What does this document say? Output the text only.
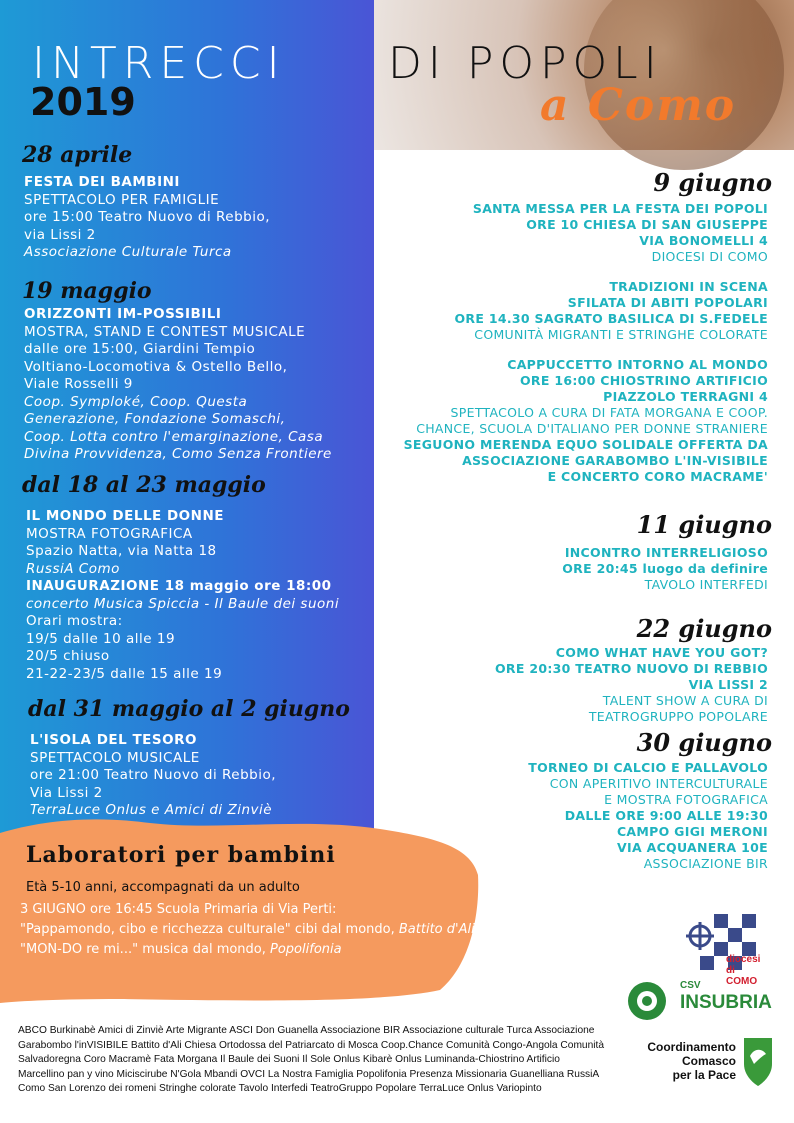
INTRECCI DI POPOLI
2019	a Como
28 aprile
FESTA DEI BAMBINI
SPETTACOLO PER FAMIGLIE
ore 15:00 Teatro Nuovo di Rebbio,
via Lissi 2
Associazione Culturale Turca
19 maggio
ORIZZONTI IM-POSSIBILI
MOSTRA, STAND E CONTEST MUSICALE
dalle ore 15:00, Giardini Tempio
Voltiano-Locomotiva & Ostello Bello,
Viale Rosselli 9
Coop. Symploké, Coop. Questa
Generazione, Fondazione Somaschi,
Coop. Lotta contro l'emarginazione, Casa
Divina Provvidenza, Como Senza Frontiere
dal 18 al 23 maggio
IL MONDO DELLE DONNE
MOSTRA FOTOGRAFICA
Spazio Natta, via Natta 18
RussiA Como
INAUGURAZIONE 18 maggio ore 18:00
concerto Musica Spiccia - Il Baule dei suoni
Orari mostra:
19/5 dalle 10 alle 19
20/5 chiuso
21-22-23/5 dalle 15 alle 19
dal 31 maggio al 2 giugno
L'ISOLA DEL TESORO
SPETTACOLO MUSICALE
ore 21:00 Teatro Nuovo di Rebbio,
Via Lissi 2
TerraLuce Onlus e Amici di Zinviè
9 giugno
SANTA MESSA PER LA FESTA DEI POPOLI
ORE 10 CHIESA DI SAN GIUSEPPE
VIA BONOMELLI 4
DIOCESI DI COMO
TRADIZIONI IN SCENA
SFILATA DI ABITI POPOLARI
ORE 14.30 SAGRATO BASILICA DI S.FEDELE
COMUNITÀ MIGRANTI E STRINGHE COLORATE
CAPPUCCETTO INTORNO AL MONDO
ORE 16:00 CHIOSTRINO ARTIFICIO
PIAZZOLO TERRAGNI 4
SPETTACOLO A CURA DI FATA MORGANA E COOP.
CHANCE, SCUOLA D'ITALIANO PER DONNE STRANIERE
SEGUONO MERENDA EQUO SOLIDALE OFFERTA DA
ASSOCIAZIONE GARABOMBO L'IN-VISIBILE
E CONCERTO CORO MACRAME'
11 giugno
INCONTRO INTERRELIGIOSO
ORE 20:45 luogo da definire
TAVOLO INTERFEDI
22 giugno
COMO WHAT HAVE YOU GOT?
ORE 20:30 TEATRO NUOVO DI REBBIO
VIA LISSI 2
TALENT SHOW A CURA DI
TEATROGRUPPO POPOLARE
30 giugno
TORNEO DI CALCIO E PALLAVOLO
CON APERITIVO INTERCULTURALE
E MOSTRA FOTOGRAFICA
DALLE ORE 9:00 ALLE 19:30
CAMPO GIGI MERONI
VIA ACQUANERA 10E
ASSOCIAZIONE BIR
Laboratori per bambini
Età 5-10 anni, accompagnati da un adulto
3 GIUGNO ore 16:45 Scuola Primaria di Via Perti:
"Pappamondo, cibo e ricchezza culturale" cibi dal mondo, Battito d'Ali
"MON-DO re mi..." musica dal mondo, Popolifonia
ABCO Burkinabè Amici di Zinviè Arte Migrante ASCI Don Guanella Associazione BIR Associazione culturale Turca Associazione
Garabombo l'inVISIBILE Battito d'Ali Chiesa Ortodossa del Patriarcato di Mosca Coop.Chance Comunità Congo-Angola Comunità
Salvadoregna Coro Macramè Fata Morgana Il Baule dei Suoni Il Sole Onlus Kibarè Onlus Luminanda-Chiostrino Artificio
Marcellino pan y vino Miciscirube N'Gola Mbandi OVCI La Nostra Famiglia Popolifonia Presenza Missionaria Guanelliana RussiA
Como San Lorenzo dei romeni Stringhe colorate Tavolo Interfedi TeatroGruppo Popolare TerraLuce Onlus Variopinto
diocesi di COMO
CSV
INSUBRIA
Coordinamento
Comasco
per la Pace
